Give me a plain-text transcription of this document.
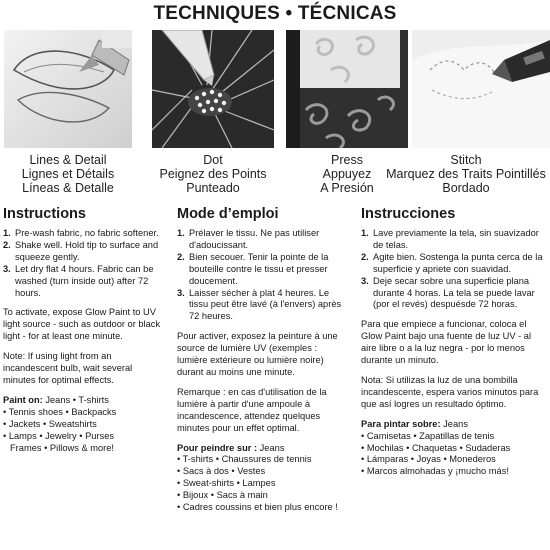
TECHNIQUES • TÉCNICAS
Lines & Detail
Lignes et Détails
Líneas & Detalle
Dot
Peignez des Points
Punteado
Press
Appuyez
A Presión
Stitch
Marquez des Traits Pointillés
Bordado
Instructions
1. Pre-wash fabric, no fabric softener.
2. Shake well. Hold tip to surface and squeeze gently.
3. Let dry flat 4 hours. Fabric can be washed (turn inside out) after 72 hours.

To activate, expose Glow Paint to UV light source - such as outdoor or black light - for at least one minute.

Note: If using light from an incandescent bulb, wait several minutes for optimal effects.

Paint on: Jeans • T-shirts
• Tennis shoes • Backpacks
• Jackets • Sweatshirts
• Lamps • Jewelry • Purses
Frames • Pillows & more!
Mode d’emploi
1. Prélaver le tissu. Ne pas utiliser d'adoucissant.
2. Bien secouer. Tenir la pointe de la bouteille contre le tissu et presser doucement.
3. Laisser sécher à plat 4 heures. Le tissu peut être lavé (à l'envers) après 72 heures.

Pour activer, exposez la peinture à une source de lumière UV (exemples : lumière extérieure ou lumière noire) durant au moins une minute.

Remarque : en cas d'utilisation de la lumière à partir d'une ampoule à incandescence, attendez quelques minutes pour un effet optimal.

Pour peindre sur : Jeans
• T-shirts • Chaussures de tennis
• Sacs à dos • Vestes
• Sweat-shirts • Lampes
• Bijoux • Sacs à main
• Cadres coussins et bien plus encore !
Instrucciones
1. Lave previamente la tela, sin suavizador de telas.
2. Agite bien. Sostenga la punta cerca de la superficie y apriete con suavidad.
3. Deje secar sobre una superficie plana durante 4 horas. La tela se puede lavar (por el revés) despuésde 72 horas.

Para que empiece a funcionar, coloca el Glow Paint bajo una fuente de luz UV - al aire libre o a la luz negra - por lo menos durante un minuto.

Nota: Si utilizas la luz de una bombilla incandescente, espera varios minutos para que así logres un resultado óptimo.

Para pintar sobre: Jeans
• Camisetas • Zapatillas de tenis
• Mochilas • Chaquetas • Sudaderas
• Lámparas • Joyas • Monederos
• Marcos almohadas y ¡mucho más!
